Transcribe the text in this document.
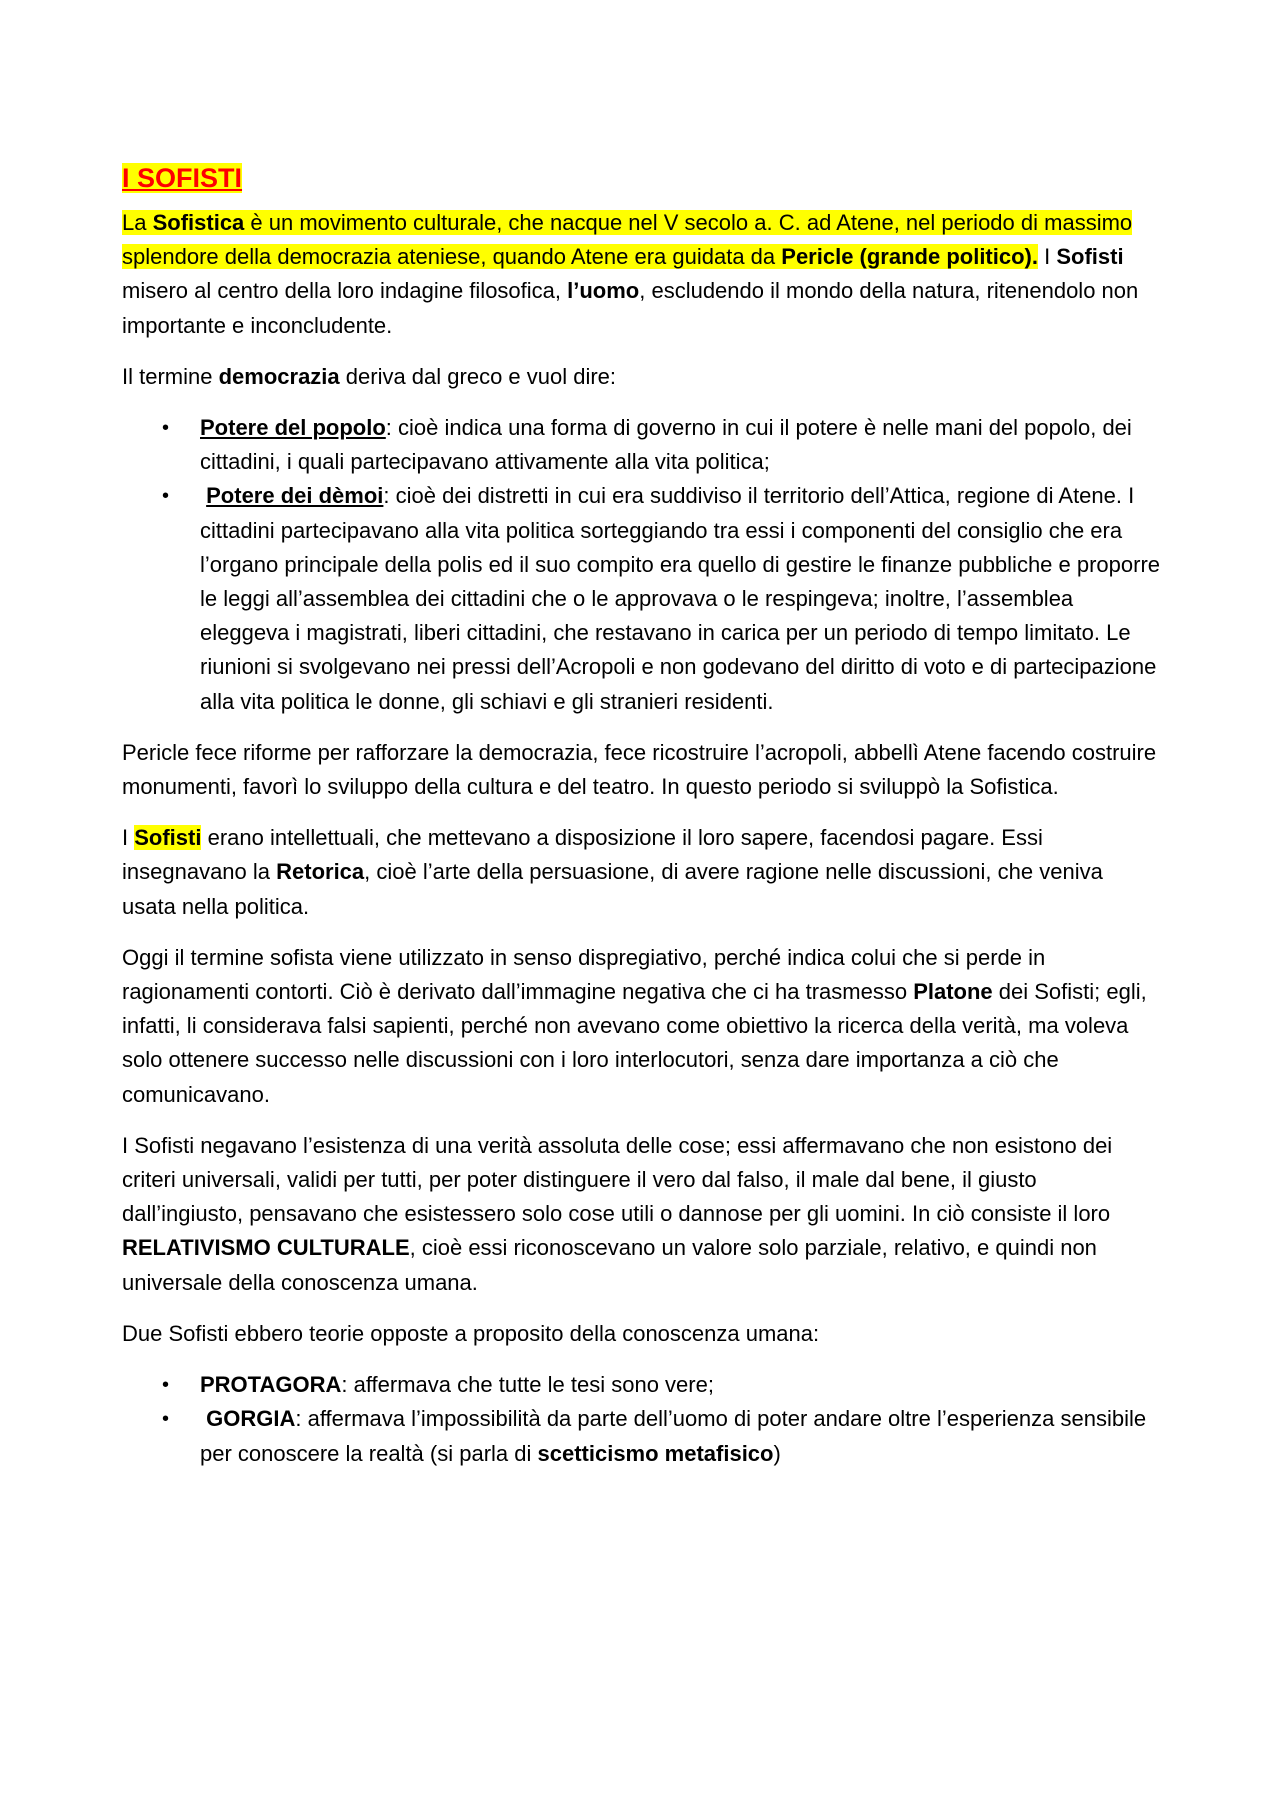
I SOFISTI

La Sofistica è un movimento culturale, che nacque nel V secolo a. C. ad Atene, nel periodo di massimo splendore della democrazia ateniese, quando Atene era guidata da Pericle (grande politico). I Sofisti misero al centro della loro indagine filosofica, l’uomo, escludendo il mondo della natura, ritenendolo non importante e inconcludente.

Il termine democrazia deriva dal greco e vuol dire:

• Potere del popolo: cioè indica una forma di governo in cui il potere è nelle mani del popolo, dei cittadini, i quali partecipavano attivamente alla vita politica;
• Potere dei dèmoi: cioè dei distretti in cui era suddiviso il territorio dell’Attica, regione di Atene. I cittadini partecipavano alla vita politica sorteggiando tra essi i componenti del consiglio che era l’organo principale della polis ed il suo compito era quello di gestire le finanze pubbliche e proporre le leggi all’assemblea dei cittadini che o le approvava o le respingeva; inoltre, l’assemblea eleggeva i magistrati, liberi cittadini, che restavano in carica per un periodo di tempo limitato. Le riunioni si svolgevano nei pressi dell’Acropoli e non godevano del diritto di voto e di partecipazione alla vita politica le donne, gli schiavi e gli stranieri residenti.

Pericle fece riforme per rafforzare la democrazia, fece ricostruire l’acropoli, abbellì Atene facendo costruire monumenti, favorì lo sviluppo della cultura e del teatro. In questo periodo si sviluppò la Sofistica.

I Sofisti erano intellettuali, che mettevano a disposizione il loro sapere, facendosi pagare. Essi insegnavano la Retorica, cioè l’arte della persuasione, di avere ragione nelle discussioni, che veniva usata nella politica.

Oggi il termine sofista viene utilizzato in senso dispregiativo, perché indica colui che si perde in ragionamenti contorti. Ciò è derivato dall’immagine negativa che ci ha trasmesso Platone dei Sofisti; egli, infatti, li considerava falsi sapienti, perché non avevano come obiettivo la ricerca della verità, ma voleva solo ottenere successo nelle discussioni con i loro interlocutori, senza dare importanza a ciò che comunicavano.

I Sofisti negavano l’esistenza di una verità assoluta delle cose; essi affermavano che non esistono dei criteri universali, validi per tutti, per poter distinguere il vero dal falso, il male dal bene, il giusto dall’ingiusto, pensavano che esistessero solo cose utili o dannose per gli uomini. In ciò consiste il loro RELATIVISMO CULTURALE, cioè essi riconoscevano un valore solo parziale, relativo, e quindi non universale della conoscenza umana.

Due Sofisti ebbero teorie opposte a proposito della conoscenza umana:

• PROTAGORA: affermava che tutte le tesi sono vere;
• GORGIA: affermava l’impossibilità da parte dell’uomo di poter andare oltre l’esperienza sensibile per conoscere la realtà (si parla di scetticismo metafisico)
